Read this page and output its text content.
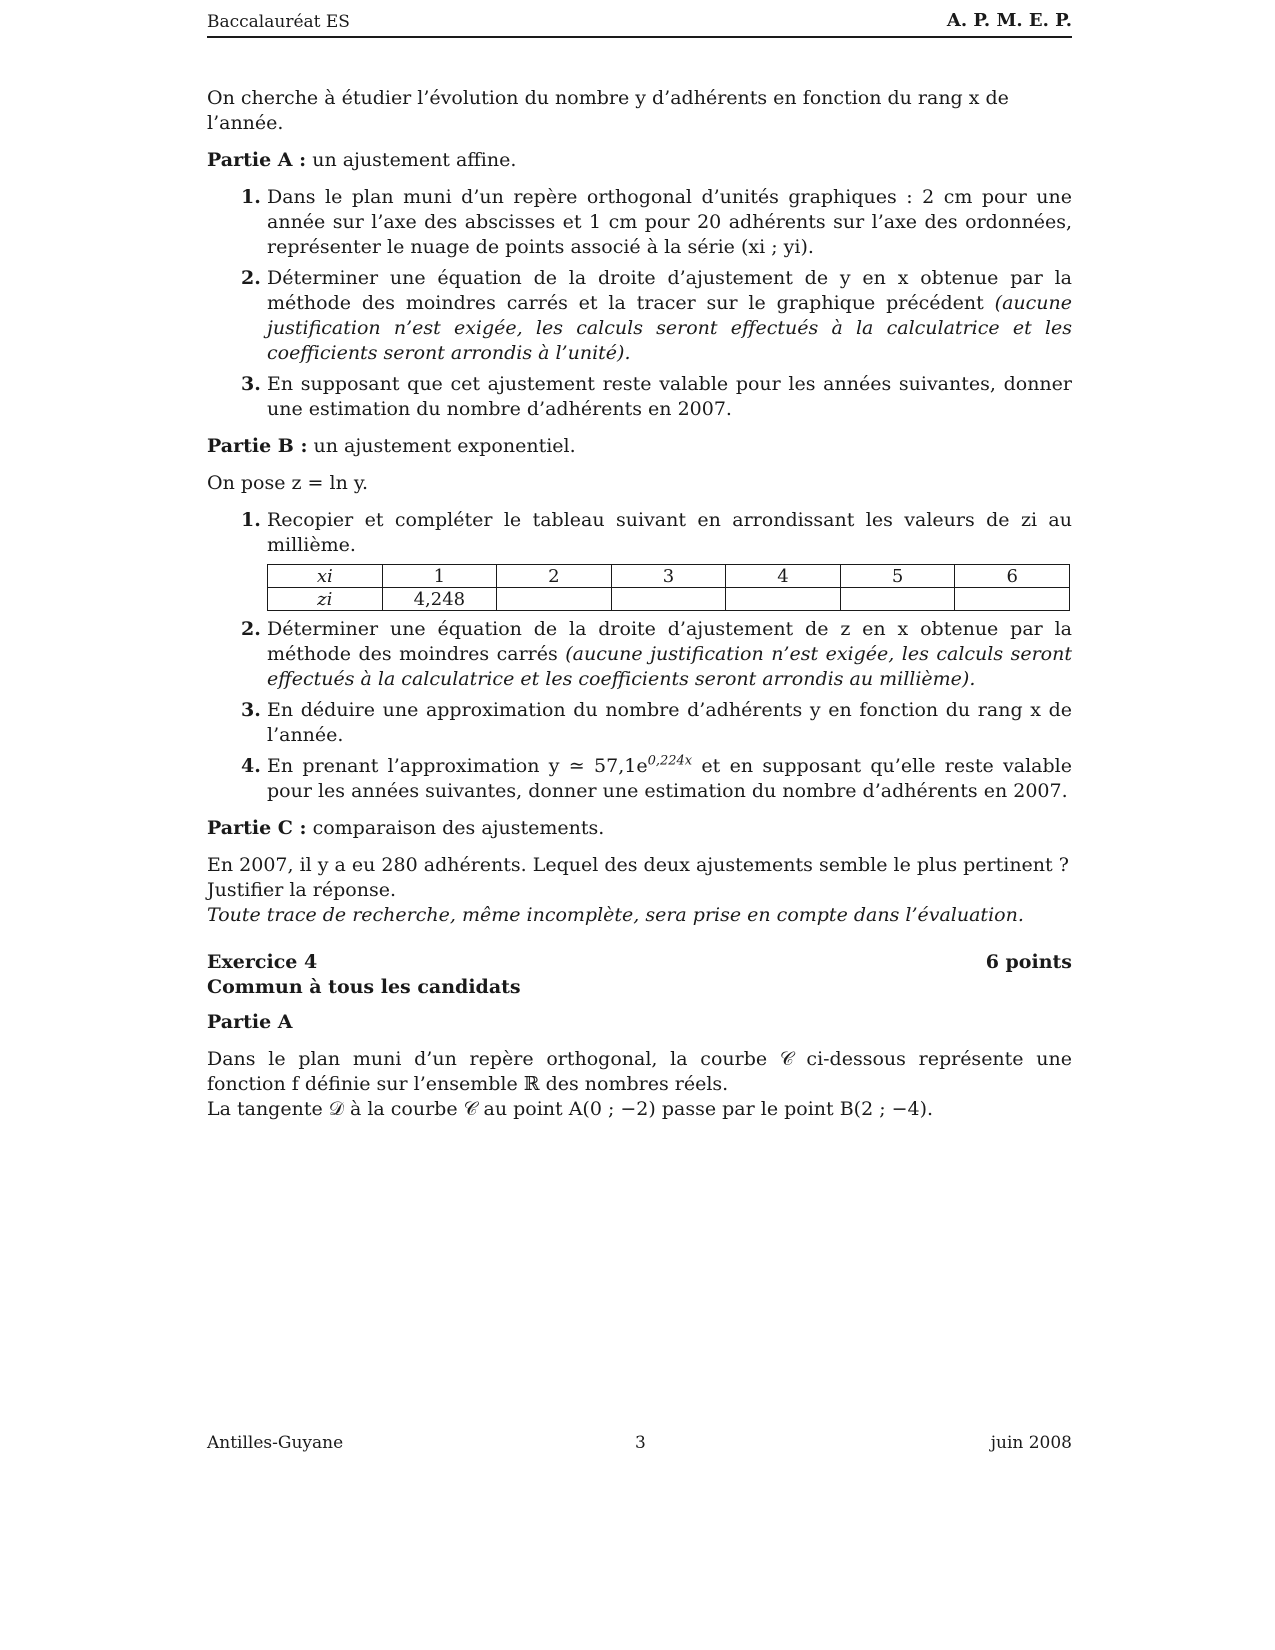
Baccalauréat ES	A. P. M. E. P.

On cherche à étudier l’évolution du nombre y d’adhérents en fonction du rang x de l’année.

Partie A : un ajustement affine.

1. Dans le plan muni d’un repère orthogonal d’unités graphiques : 2 cm pour une année sur l’axe des abscisses et 1 cm pour 20 adhérents sur l’axe des ordonnées, représenter le nuage de points associé à la série (xi ; yi).
2. Déterminer une équation de la droite d’ajustement de y en x obtenue par la méthode des moindres carrés et la tracer sur le graphique précédent (aucune justification n’est exigée, les calculs seront effectués à la calculatrice et les coefficients seront arrondis à l’unité).
3. En supposant que cet ajustement reste valable pour les années suivantes, donner une estimation du nombre d’adhérents en 2007.

Partie B : un ajustement exponentiel.

On pose z = ln y.

1. Recopier et compléter le tableau suivant en arrondissant les valeurs de zi au millième.
xi	1	2	3	4	5	6
zi	4,248					
2. Déterminer une équation de la droite d’ajustement de z en x obtenue par la méthode des moindres carrés (aucune justification n’est exigée, les calculs seront effectués à la calculatrice et les coefficients seront arrondis au millième).
3. En déduire une approximation du nombre d’adhérents y en fonction du rang x de l’année.
4. En prenant l’approximation y ≃ $57,1e^{0,224x}$ et en supposant qu’elle reste valable pour les années suivantes, donner une estimation du nombre d’adhérents en 2007.

Partie C : comparaison des ajustements.

En 2007, il y a eu 280 adhérents. Lequel des deux ajustements semble le plus pertinent ?
Justifier la réponse.
Toute trace de recherche, même incomplète, sera prise en compte dans l’évaluation.

Exercice 4	6 points

Commun à tous les candidats

Partie A

Dans le plan muni d’un repère orthogonal, la courbe 𝒞 ci-dessous représente une fonction f définie sur l’ensemble ℝ des nombres réels.
La tangente 𝒟 à la courbe 𝒞 au point A(0 ; −2) passe par le point B(2 ; −4).

Antilles-Guyane	3	juin 2008
